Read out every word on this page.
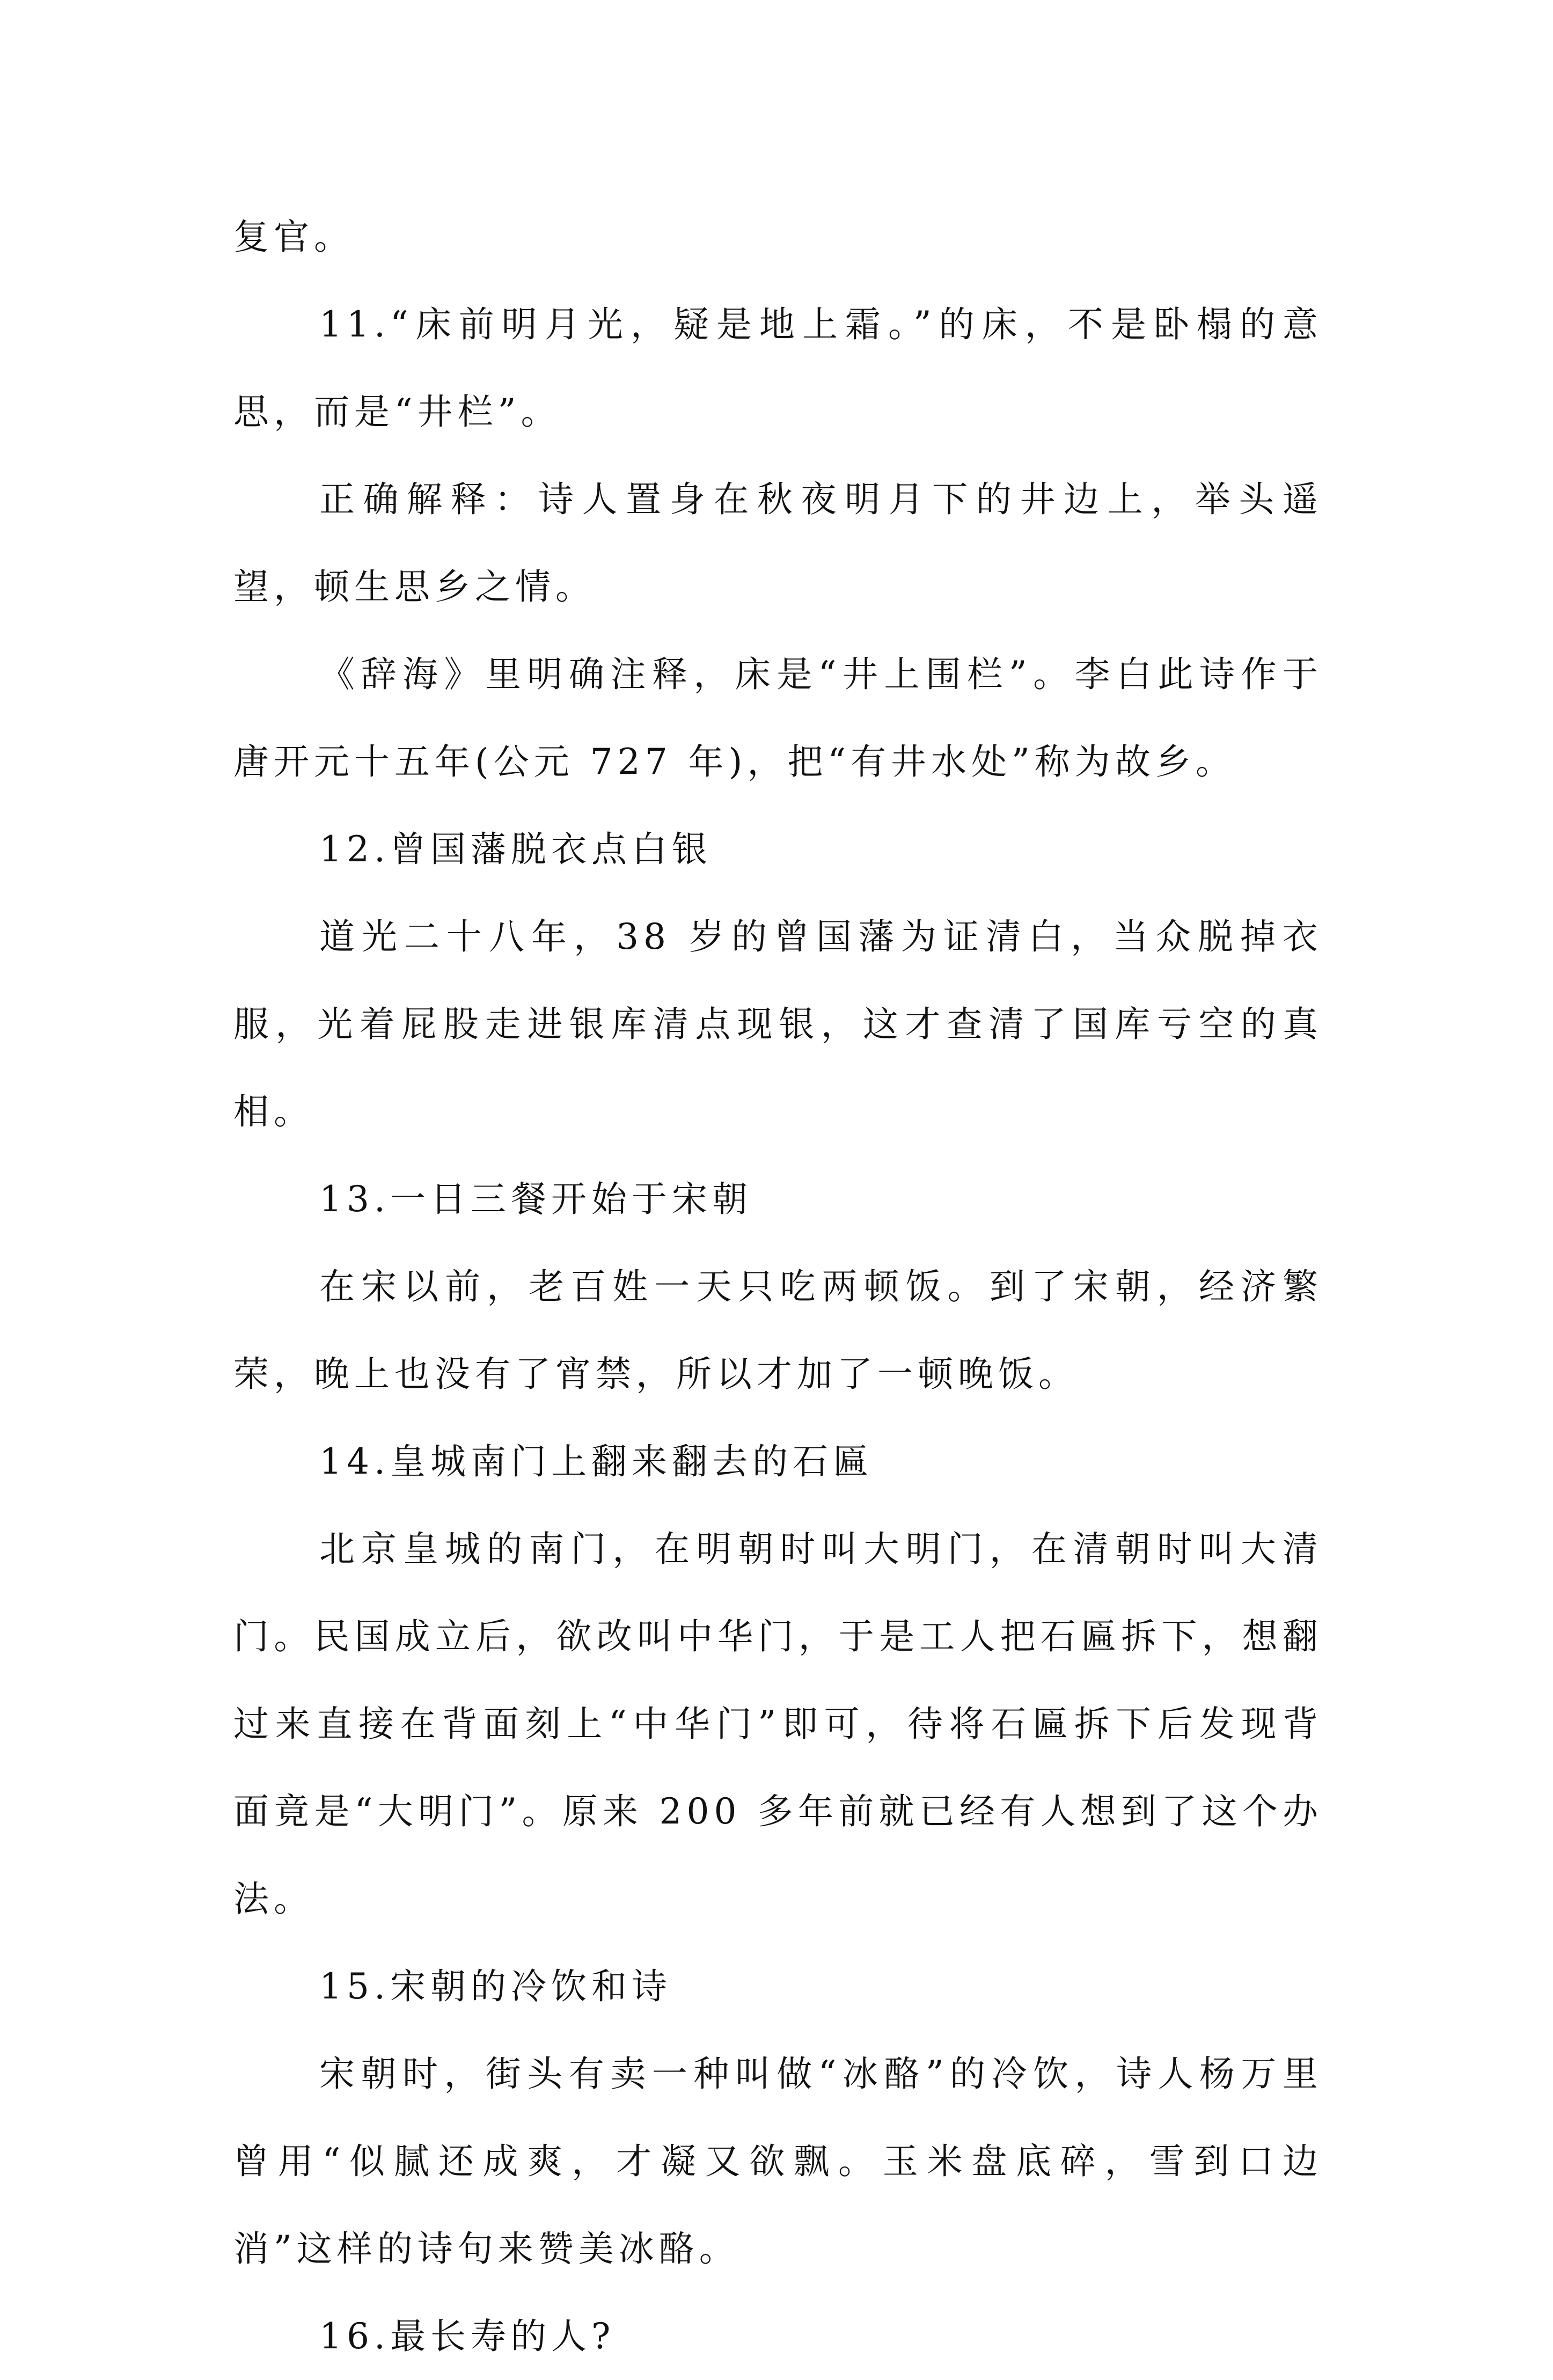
复官。

11.“床前明月光，疑是地上霜。”的床，不是卧榻的意思，而是“井栏”。

正确解释：诗人置身在秋夜明月下的井边上，举头遥望，顿生思乡之情。

《辞海》里明确注释，床是“井上围栏”。李白此诗作于唐开元十五年(公元 727 年)，把“有井水处”称为故乡。

12.曾国藩脱衣点白银

道光二十八年，38 岁的曾国藩为证清白，当众脱掉衣服，光着屁股走进银库清点现银，这才查清了国库亏空的真相。

13.一日三餐开始于宋朝

在宋以前，老百姓一天只吃两顿饭。到了宋朝，经济繁荣，晚上也没有了宵禁，所以才加了一顿晚饭。

14.皇城南门上翻来翻去的石匾

北京皇城的南门，在明朝时叫大明门，在清朝时叫大清门。民国成立后，欲改叫中华门，于是工人把石匾拆下，想翻过来直接在背面刻上“中华门”即可，待将石匾拆下后发现背面竟是“大明门”。原来 200 多年前就已经有人想到了这个办法。

15.宋朝的冷饮和诗

宋朝时，街头有卖一种叫做“冰酪”的冷饮，诗人杨万里曾用“似腻还成爽，才凝又欲飘。玉米盘底碎，雪到口边消”这样的诗句来赞美冰酪。

16.最长寿的人?
